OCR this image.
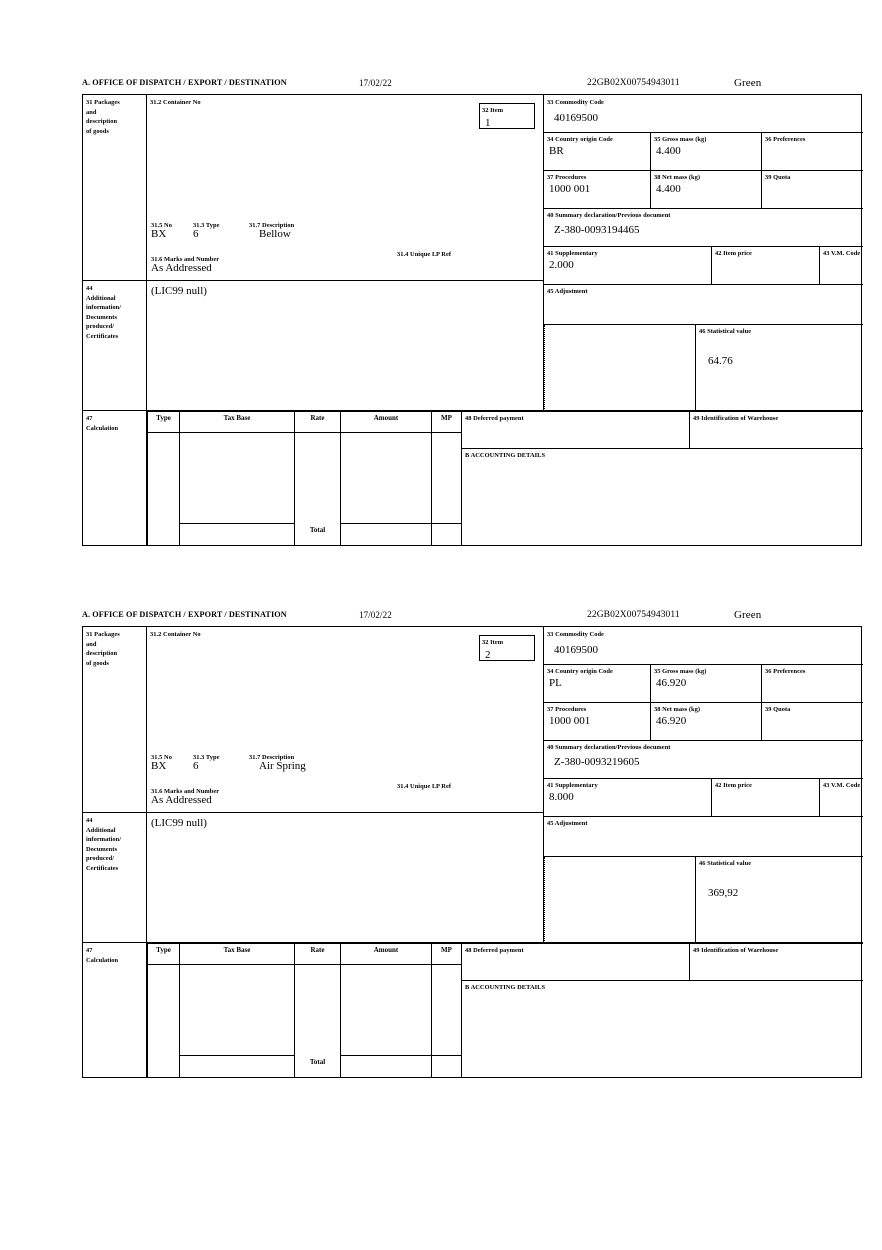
A. OFFICE OF DISPATCH / EXPORT / DESTINATION	17/02/22	22GB02X00754943011	Green
31 Packages
and
description
of goods
31.2 Container No
31.5 No	31.3 Type	31.7 Description
BX 6	Bellow
31.6 Marks and Number
31.4 Unique I.P Ref
As Addressed
32 Item
1
33 Commodity Code
40169500
34 Country origin Code
BR
35 Gross mass (kg)
4.400
36 Preferences
37 Procedures
1000 001
38 Net mass (kg)
4.400
39 Quota
40 Summary declaration/Previous document
Z-380-0093194465
41 Supplementary
2.000
42 Item price	43 V.M. Code
45 Adjustment
46 Statistical value
64.76
44
Additional
information/
Documents
produced/
Certificates
(LIC99 null)
47
Calculation
Type	Tax Base	Rate	Amount	MP
Total
48 Deferred payment	49 Identification of Warehouse
B ACCOUNTING DETAILS
A. OFFICE OF DISPATCH / EXPORT / DESTINATION	17/02/22	22GB02X00754943011	Green
31 Packages
and
description
of goods
31.2 Container No
31.5 No	31.3 Type	31.7 Description
BX 6	Air Spring
31.6 Marks and Number
31.4 Unique I.P Ref
As Addressed
32 Item
2
33 Commodity Code
40169500
34 Country origin Code
PL
35 Gross mass (kg)
46.920
36 Preferences
37 Procedures
1000 001
38 Net mass (kg)
46.920
39 Quota
40 Summary declaration/Previous document
Z-380-0093219605
41 Supplementary
8.000
42 Item price	43 V.M. Code
45 Adjustment
46 Statistical value
369,92
44
Additional
information/
Documents
produced/
Certificates
(LIC99 null)
47
Calculation
Type	Tax Base	Rate	Amount	MP
Total
48 Deferred payment	49 Identification of Warehouse
B ACCOUNTING DETAILS
